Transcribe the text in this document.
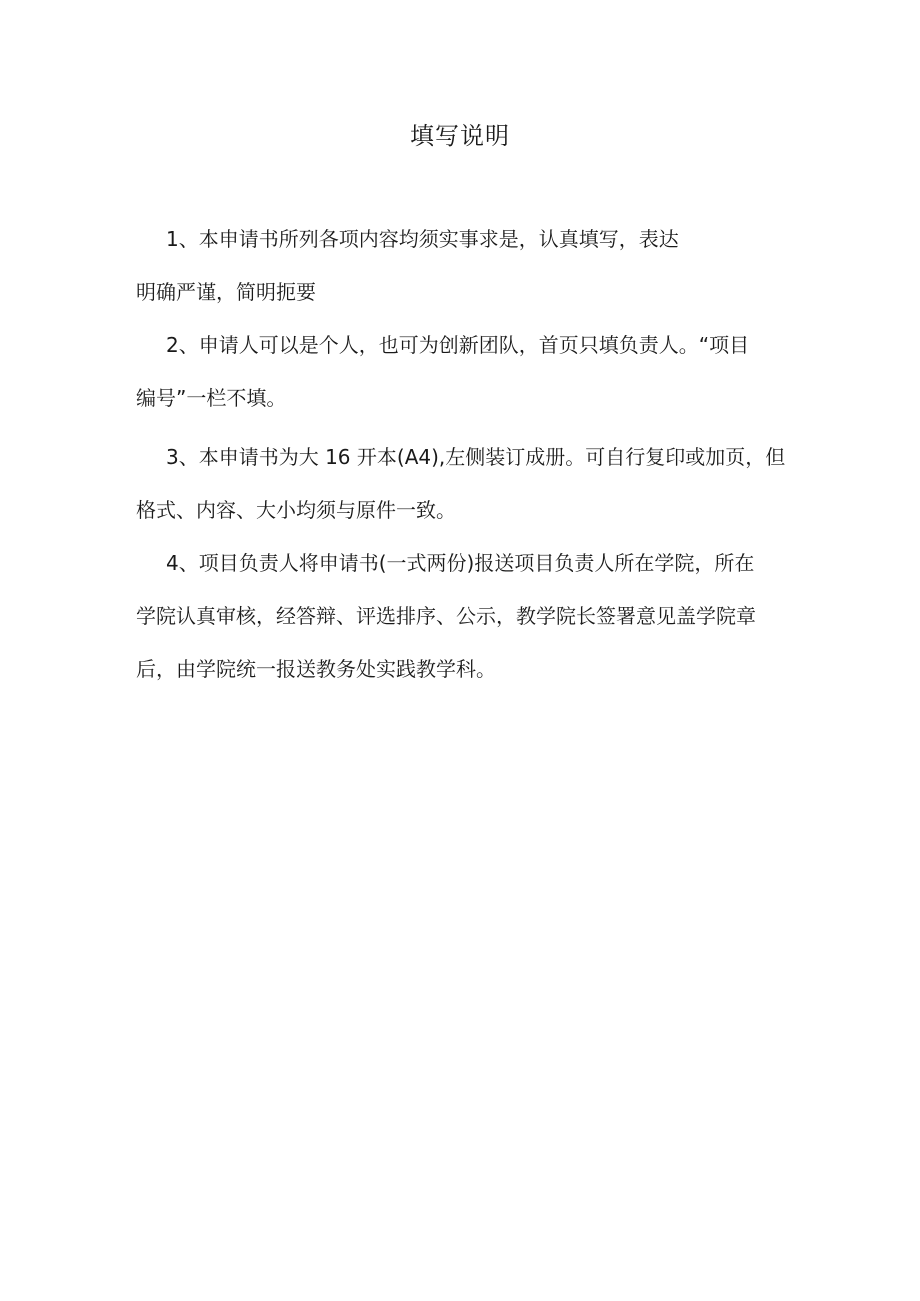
填写说明
1、本申请书所列各项内容均须实事求是，认真填写，表达
明确严谨，简明扼要
2、申请人可以是个人，也可为创新团队，首页只填负责人。“项目
编号”一栏不填。
3、本申请书为大 16 开本(A4),左侧装订成册。可自行复印或加页，但
格式、内容、大小均须与原件一致。
4、项目负责人将申请书(一式两份)报送项目负责人所在学院，所在
学院认真审核，经答辩、评选排序、公示，教学院长签署意见盖学院章
后，由学院统一报送教务处实践教学科。
